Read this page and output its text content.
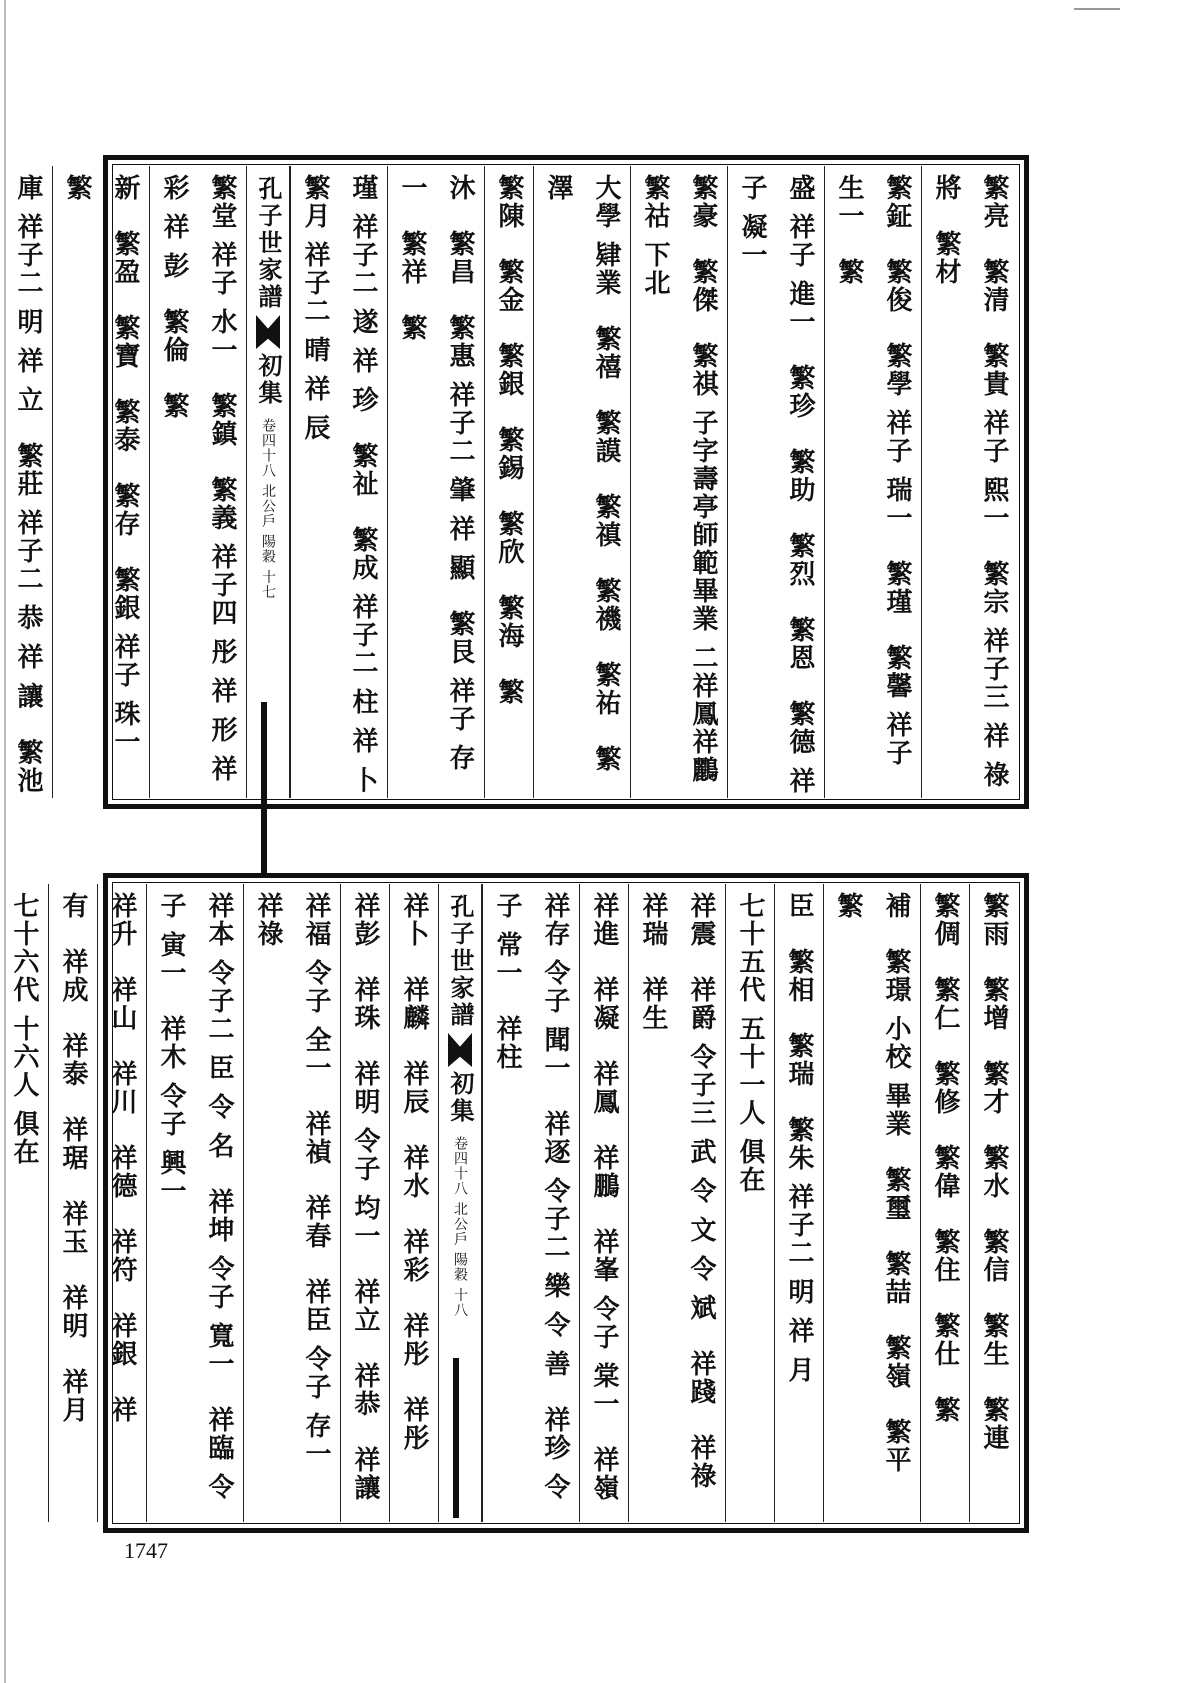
繁亮　繁清　繁貴 祥子 熙一　繁宗 祥子三 祥 祿 將　繁材
繁鉦　繁俊　繁學 祥子 瑞一　繁瑾　繁馨 祥子 生一　繁
盛 祥子 進一　繁珍　繁助　繁烈　繁恩　繁德 祥子 凝一
繁豪　繁傑　繁祺 子字壽亭師範畢業 二祥鳳祥鸝　繁祜 下北
大學 肄業　繁禧　繁謨　繁禛　繁禨　繁祐　繁澤
繁陳　繁金　繁銀　繁錫　繁欣　繁海　繁
沐　繁昌　繁惠 祥子二 肇 祥 顯　繁艮 祥子 存一　繁祥　繁
瑾 祥子二 遂 祥 珍　繁祉　繁成 祥子二 柱 祥 卜　繁月 祥子二 晴 祥 辰
孔子世家譜初集 卷四十八 北公戶 陽穀 十七
繁堂 祥子 水一　繁鎮　繁義 祥子四 彤 祥 形 祥 彩 祥 彭　繁倫　繁
新　繁盈　繁寶　繁泰　繁存　繁銀 祥子 珠一　繁
庫 祥子二 明 祥 立　繁莊 祥子二 恭 祥 讓　繁池  　   　
繁雨　繁增　繁才　繁水　繁信　繁生　繁連
繁倜　繁仁　繁修　繁偉　繁住　繁仕　繁
補　繁璟 小校 畢業　繁璽　繁喆　繁嶺　繁平　繁
臣　繁相　繁瑞　繁朱 祥子二 明 祥 月
七十五代 五十一人 俱在
祥震　祥爵 令子三 武 令 文 令 斌　祥踐　祥祿　祥瑞　祥生
祥進　祥凝　祥鳳　祥鵬　祥峯 令子 棠一　祥嶺
祥存 令子 聞一　祥逐 令子二 樂 令 善　祥珍 令子 常一　祥柱
孔子世家譜初集 卷四十八 北公戶 陽穀 十八
祥卜　祥麟　祥辰　祥水　祥彩　祥彤　祥彤
祥彭　祥珠　祥明 令子 均一　祥立　祥恭　祥讓
祥福 令子 全一　祥禎　祥春　祥臣 令子 存一　祥祿
祥本 令子二 臣 令 名　祥坤 令子 寬一　祥臨 令子 寅一　祥木 令子 興一
祥升　祥山　祥川　祥德　祥符　祥銀　祥
有　祥成　祥泰　祥琚　祥玉　祥明　祥月
七十六代 十六人 俱在
1747
